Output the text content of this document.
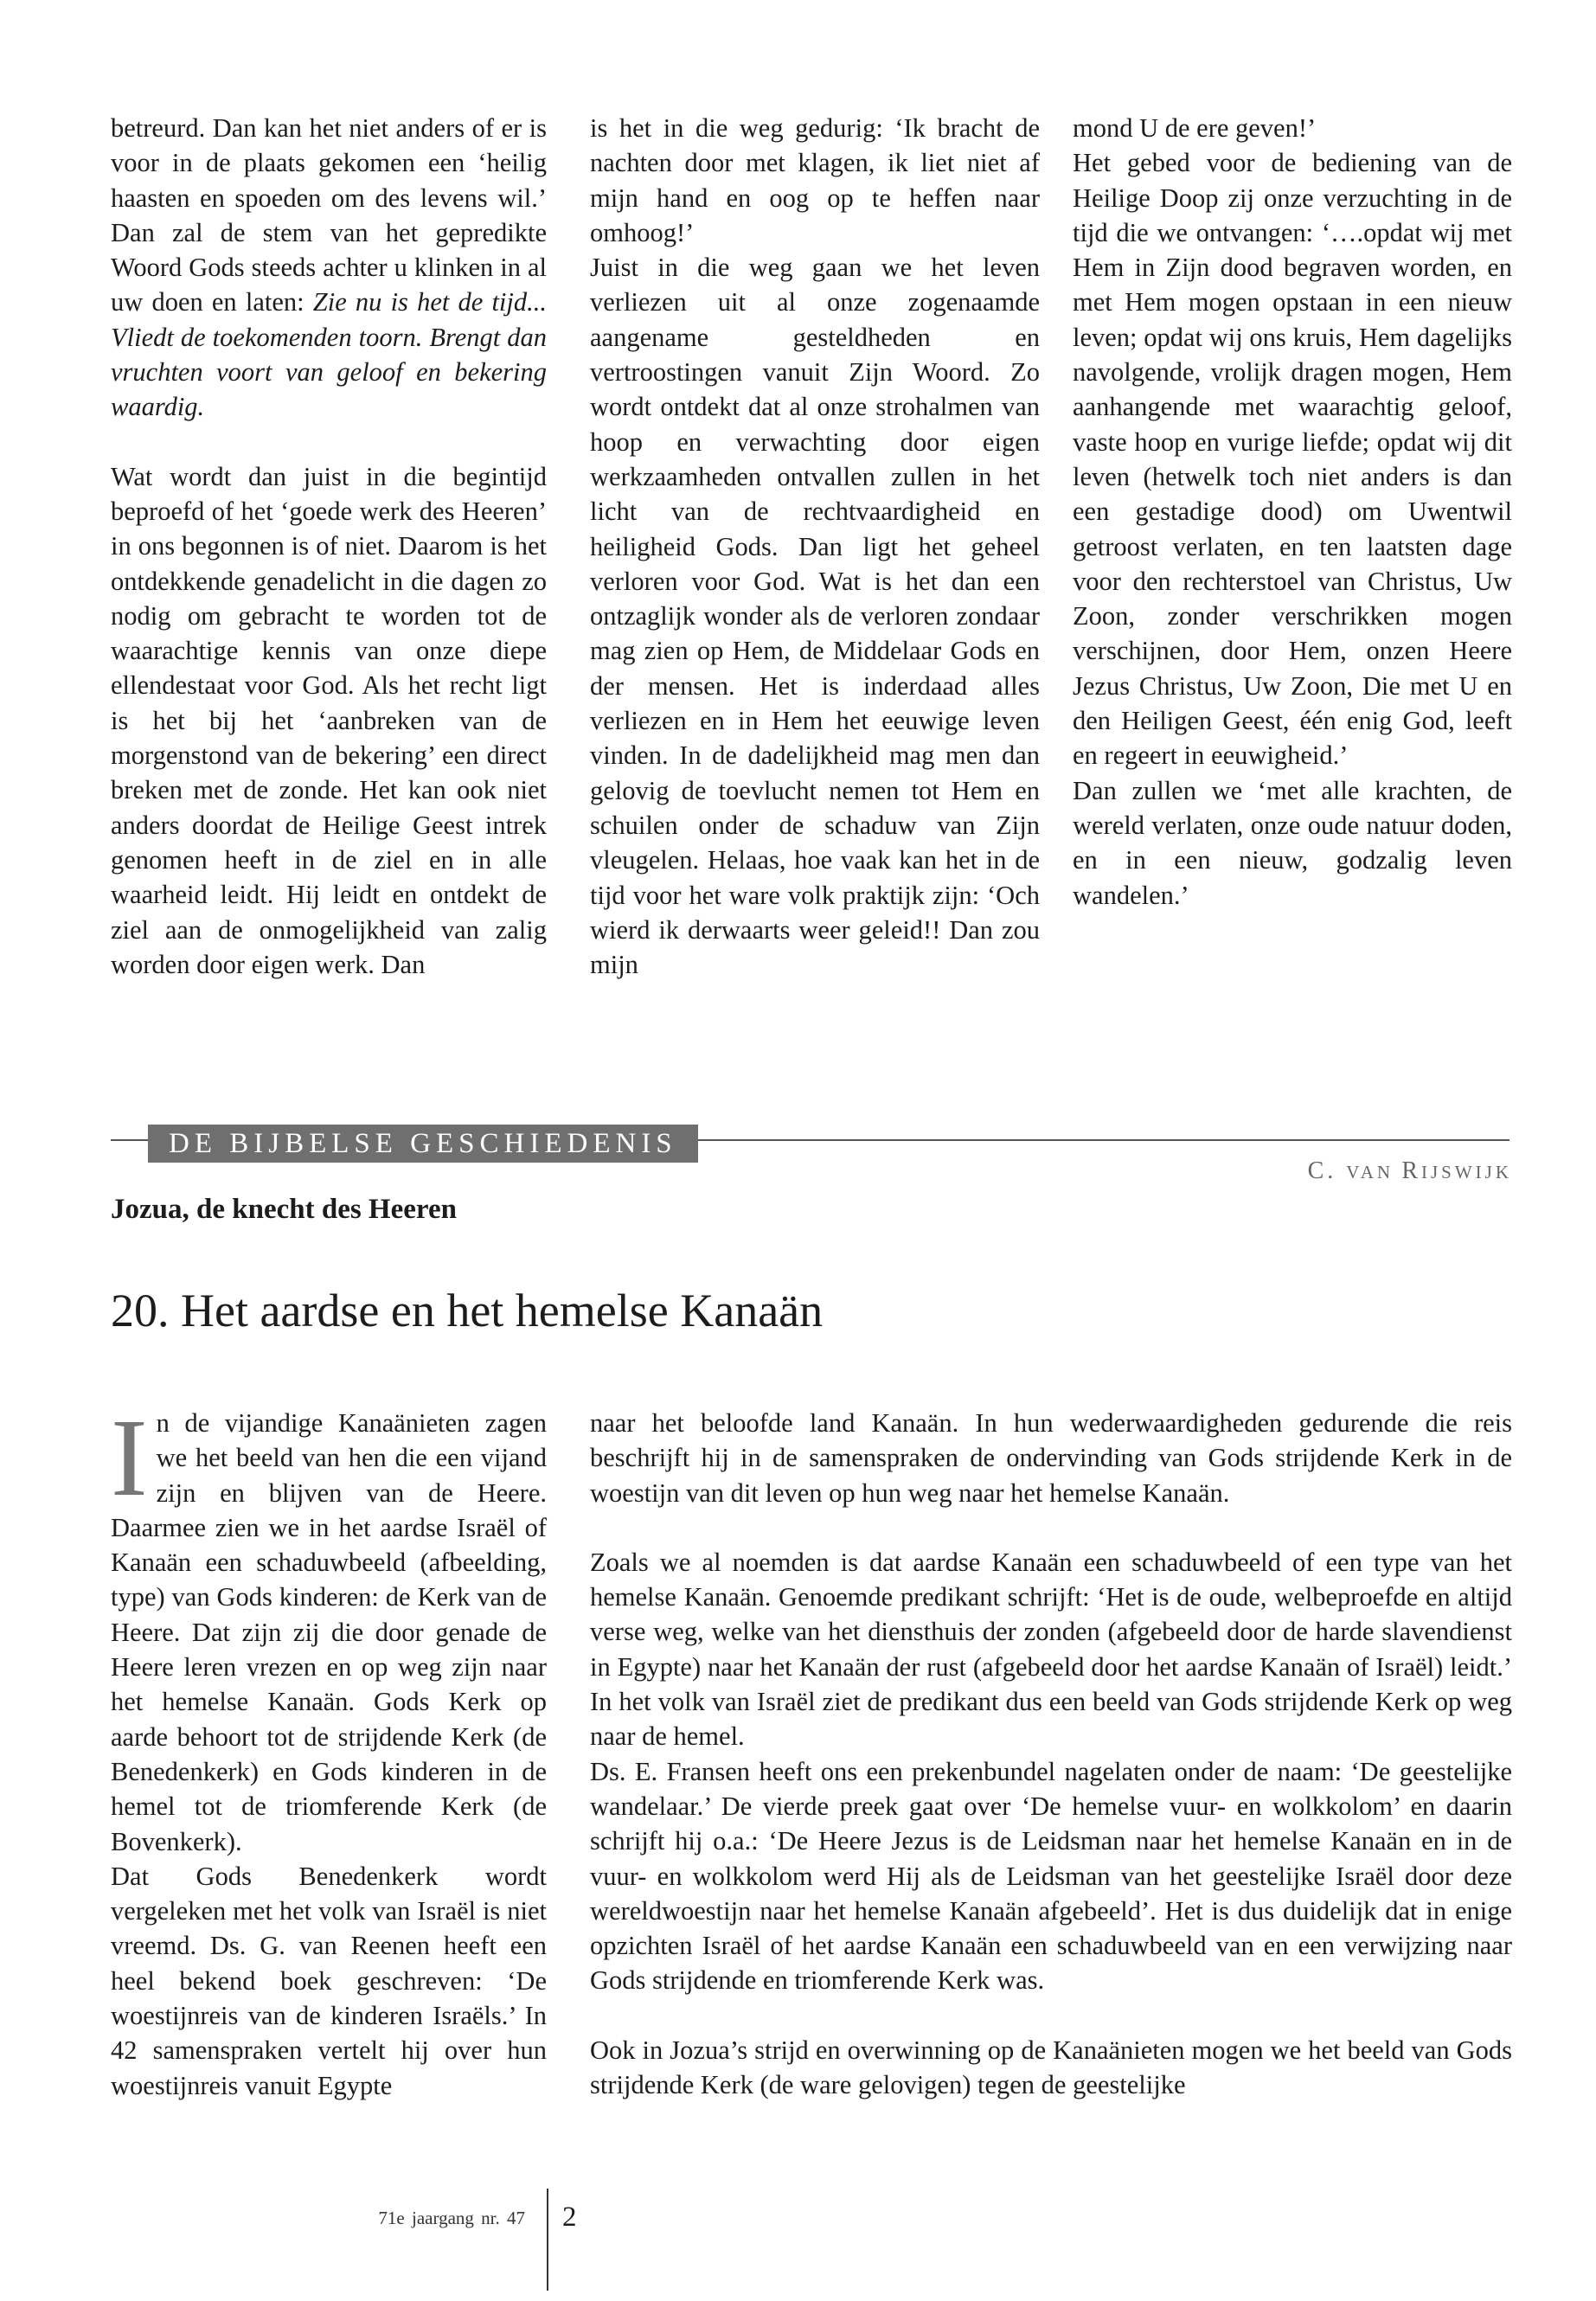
betreurd. Dan kan het niet anders of er is voor in de plaats gekomen een ‘heilig haasten en spoeden om des levens wil.’ Dan zal de stem van het gepredikte Woord Gods steeds achter u klinken in al uw doen en laten: Zie nu is het de tijd... Vliedt de toekomenden toorn. Brengt dan vruchten voort van geloof en bekering waardig.

Wat wordt dan juist in die begintijd beproefd of het ‘goede werk des Heeren’ in ons begonnen is of niet. Daarom is het ontdekkende genadelicht in die dagen zo nodig om gebracht te worden tot de waarachtige kennis van onze diepe ellendestaat voor God. Als het recht ligt is het bij het ‘aanbreken van de morgenstond van de bekering’ een direct breken met de zonde. Het kan ook niet anders doordat de Heilige Geest intrek genomen heeft in de ziel en in alle waarheid leidt. Hij leidt en ontdekt de ziel aan de onmogelijkheid van zalig worden door eigen werk. Dan

is het in die weg gedurig: ‘Ik bracht de nachten door met klagen, ik liet niet af mijn hand en oog op te heffen naar omhoog!’

Juist in die weg gaan we het leven verliezen uit al onze zogenaamde aangename gesteldheden en vertroostingen vanuit Zijn Woord. Zo wordt ontdekt dat al onze strohalmen van hoop en verwachting door eigen werkzaamheden ontvallen zullen in het licht van de rechtvaardigheid en heiligheid Gods. Dan ligt het geheel verloren voor God. Wat is het dan een ontzaglijk wonder als de verloren zondaar mag zien op Hem, de Middelaar Gods en der mensen. Het is inderdaad alles verliezen en in Hem het eeuwige leven vinden. In de dadelijkheid mag men dan gelovig de toevlucht nemen tot Hem en schuilen onder de schaduw van Zijn vleugelen. Helaas, hoe vaak kan het in de tijd voor het ware volk praktijk zijn: ‘Och wierd ik derwaarts weer geleid!! Dan zou mijn

mond U de ere geven!’

Het gebed voor de bediening van de Heilige Doop zij onze verzuchting in de tijd die we ontvangen: ‘….opdat wij met Hem in Zijn dood begraven worden, en met Hem mogen opstaan in een nieuw leven; opdat wij ons kruis, Hem dagelijks navolgende, vrolijk dragen mogen, Hem aanhangende met waarachtig geloof, vaste hoop en vurige liefde; opdat wij dit leven (hetwelk toch niet anders is dan een gestadige dood) om Uwentwil getroost verlaten, en ten laatsten dage voor den rechterstoel van Christus, Uw Zoon, zonder verschrikken mogen verschijnen, door Hem, onzen Heere Jezus Christus, Uw Zoon, Die met U en den Heiligen Geest, één enig God, leeft en regeert in eeuwigheid.’

Dan zullen we ‘met alle krachten, de wereld verlaten, onze oude natuur doden, en in een nieuw, godzalig leven wandelen.’

DE BIJBELSE GESCHIEDENIS
C. VAN RIJSWIJK
Jozua, de knecht des Heeren
20. Het aardse en het hemelse Kanaän

In de vijandige Kanaänieten zagen we het beeld van hen die een vijand zijn en blijven van de Heere. Daarmee zien we in het aardse Israël of Kanaän een schaduwbeeld (afbeelding, type) van Gods kinderen: de Kerk van de Heere. Dat zijn zij die door genade de Heere leren vrezen en op weg zijn naar het hemelse Kanaän. Gods Kerk op aarde behoort tot de strijdende Kerk (de Benedenkerk) en Gods kinderen in de hemel tot de triomferende Kerk (de Bovenkerk).

Dat Gods Benedenkerk wordt vergeleken met het volk van Israël is niet vreemd. Ds. G. van Reenen heeft een heel bekend boek geschreven: ‘De woestijnreis van de kinderen Israëls.’ In 42 samenspraken vertelt hij over hun woestijnreis vanuit Egypte

naar het beloofde land Kanaän. In hun wederwaardigheden gedurende die reis beschrijft hij in de samenspraken de ondervinding van Gods strijdende Kerk in de woestijn van dit leven op hun weg naar het hemelse Kanaän.

Zoals we al noemden is dat aardse Kanaän een schaduwbeeld of een type van het hemelse Kanaän. Genoemde predikant schrijft: ‘Het is de oude, welbeproefde en altijd verse weg, welke van het diensthuis der zonden (afgebeeld door de harde slavendienst in Egypte) naar het Kanaän der rust (afgebeeld door het aardse Kanaän of Israël) leidt.’ In het volk van Israël ziet de predikant dus een beeld van Gods strijdende Kerk op weg naar de hemel.

Ds. E. Fransen heeft ons een prekenbundel nagelaten onder de naam: ‘De geestelijke wandelaar.’ De vierde preek gaat over ‘De hemelse vuur- en wolkkolom’ en daarin schrijft hij o.a.: ‘De Heere Jezus is de Leidsman naar het hemelse Kanaän en in de vuur- en wolkkolom werd Hij als de Leidsman van het geestelijke Israël door deze wereldwoestijn naar het hemelse Kanaän afgebeeld’. Het is dus duidelijk dat in enige opzichten Israël of het aardse Kanaän een schaduwbeeld van en een verwijzing naar Gods strijdende en triomferende Kerk was.

Ook in Jozua’s strijd en overwinning op de Kanaänieten mogen we het beeld van Gods strijdende Kerk (de ware gelovigen) tegen de geestelijke

71e jaargang nr. 47 2
